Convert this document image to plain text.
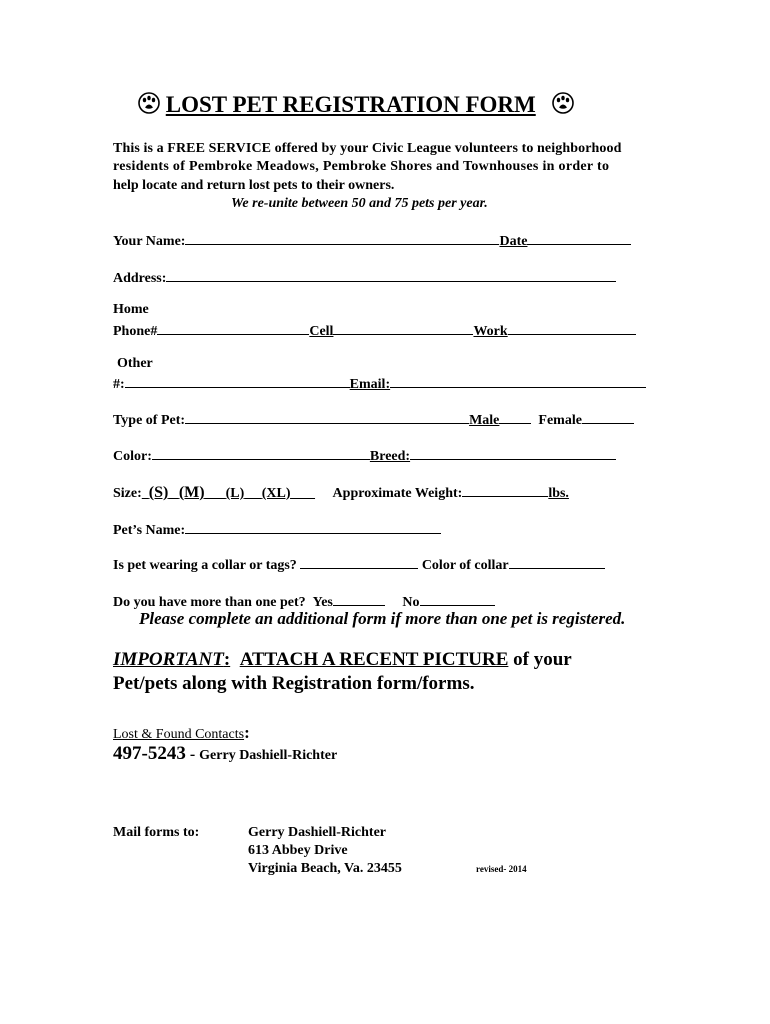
LOST PET REGISTRATION FORM
This is a FREE SERVICE offered by your Civic League volunteers to neighborhood
residents of Pembroke Meadows, Pembroke Shores and Townhouses in order to
help locate and return lost pets to their owners.
We re-unite between 50 and 75 pets per year.
Your Name:	Date
Address:
Home
Phone#	Cell	Work
Other
#:	Email:
Type of Pet:	Male	Female
Color:	Breed:
Size: (S) (M) (L) (XL)	Approximate Weight:	lbs.
Pet’s Name:
Is pet wearing a collar or tags?	Color of collar
Do you have more than one pet? Yes	No
Please complete an additional form if more than one pet is registered.
IMPORTANT: ATTACH A RECENT PICTURE of your
Pet/pets along with Registration form/forms.
Lost & Found Contacts:
497-5243 - Gerry Dashiell-Richter
Mail forms to:	Gerry Dashiell-Richter
613 Abbey Drive
Virginia Beach, Va. 23455	revised- 2014
